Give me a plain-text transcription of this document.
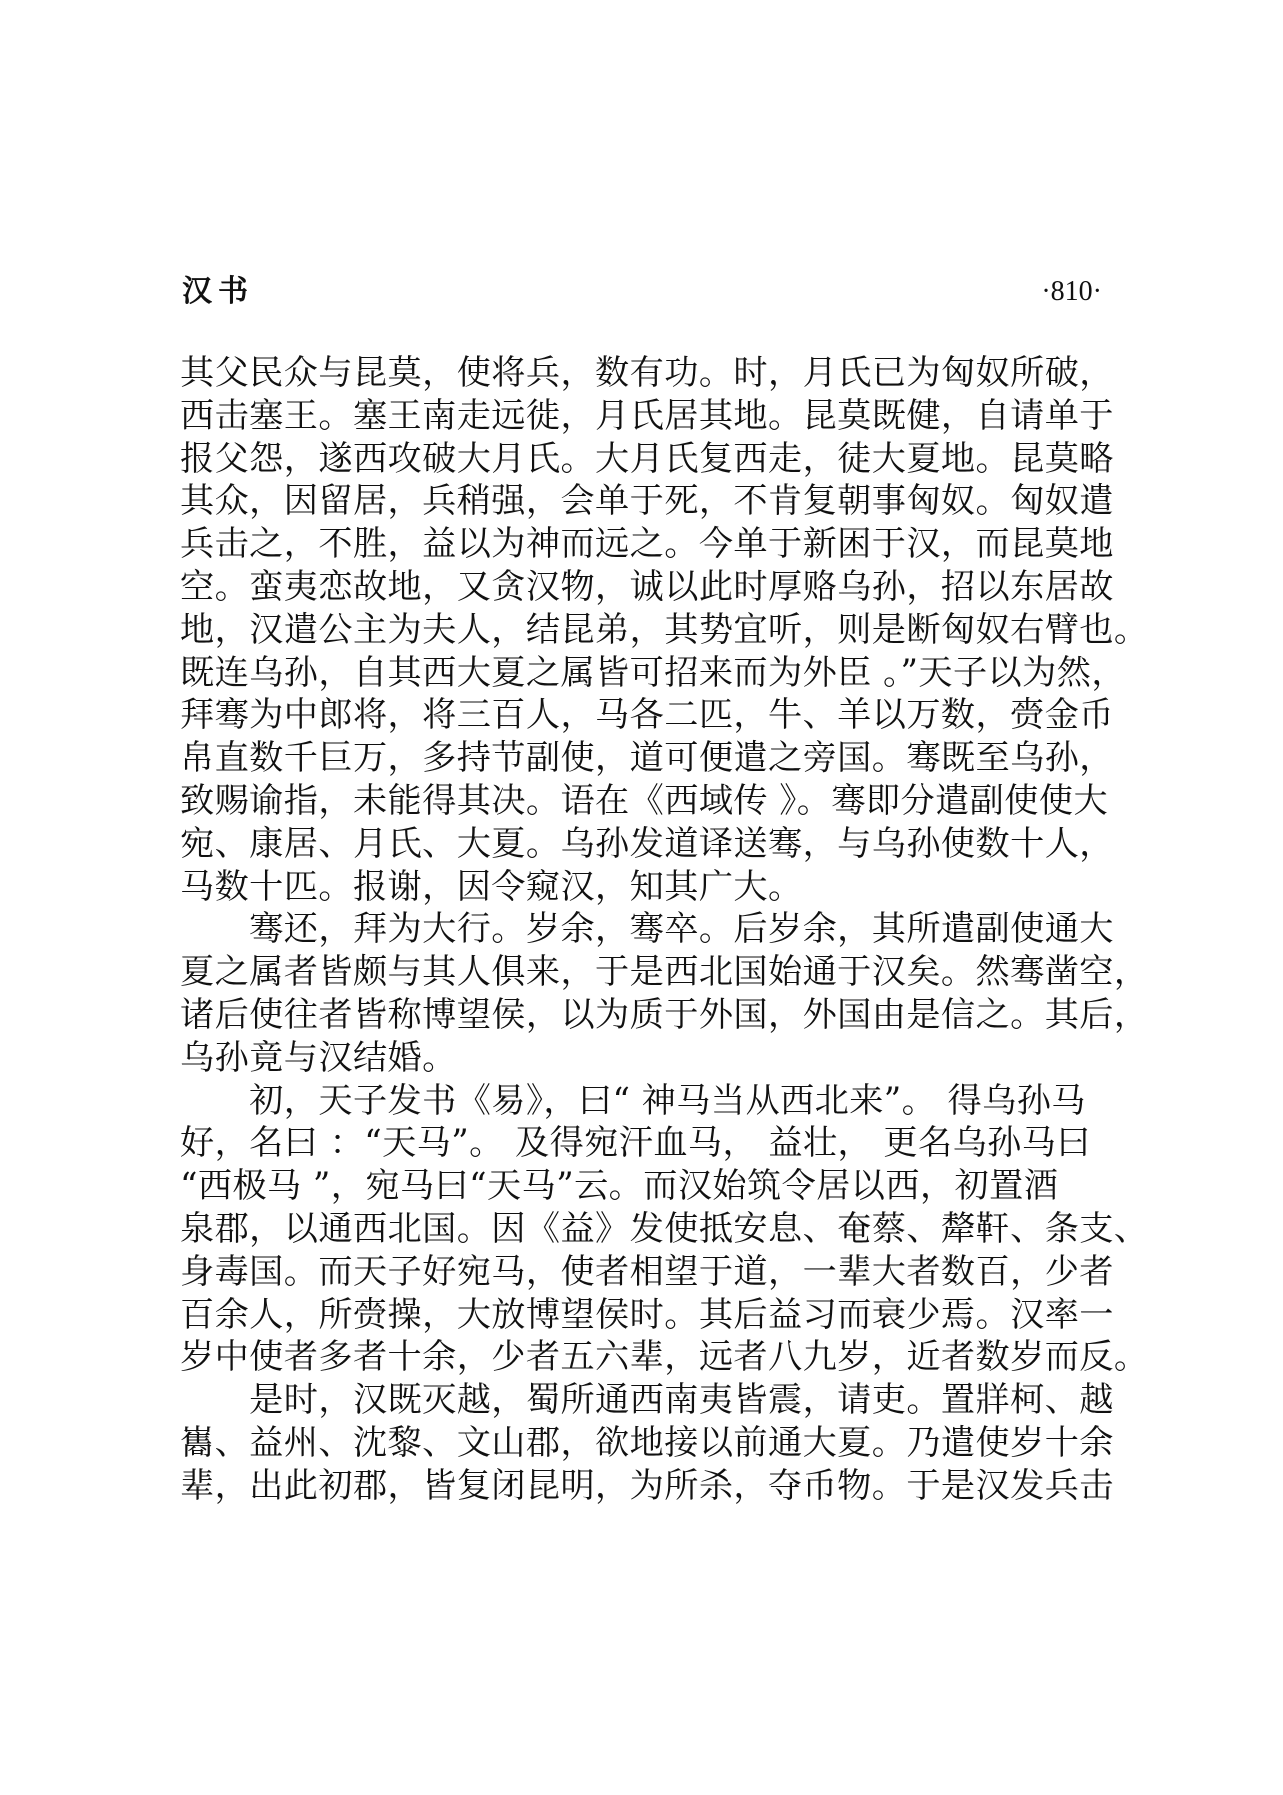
汉书	·810·
其父民众与昆莫，使将兵，数有功。时，月氏已为匈奴所破，
西击塞王。塞王南走远徙，月氏居其地。昆莫既健，自请单于
报父怨，遂西攻破大月氏。大月氏复西走，徒大夏地。昆莫略
其众，因留居，兵稍强，会单于死，不肯复朝事匈奴。匈奴遣
兵击之，不胜，益以为神而远之。今单于新困于汉，而昆莫地
空。蛮夷恋故地，又贪汉物，诚以此时厚赂乌孙，招以东居故
地，汉遣公主为夫人，结昆弟，其势宜听，则是断匈奴右臂也。
既连乌孙，自其西大夏之属皆可招来而为外臣 。”天子以为然，
拜骞为中郎将，将三百人，马各二匹，牛、羊以万数，赍金币
帛直数千巨万，多持节副使，道可便遣之旁国。骞既至乌孙，
致赐谕指，未能得其决。语在《西域传 》。骞即分遣副使使大
宛、康居、月氏、大夏。乌孙发道译送骞，与乌孙使数十人，
马数十匹。报谢，因令窥汉，知其广大。
　　骞还，拜为大行。岁余，骞卒。后岁余，其所遣副使通大
夏之属者皆颇与其人俱来，于是西北国始通于汉矣。然骞凿空，
诸后使往者皆称博望侯，以为质于外国，外国由是信之。其后，
乌孙竟与汉结婚。
　　初，天子发书《易》，曰“ 神马当从西北来”。 得乌孙马
好，名曰 ：“天马”。 及得宛汗血马， 益壮， 更名乌孙马曰
“西极马 ”，宛马曰“天马”云。而汉始筑令居以西，初置酒
泉郡，以通西北国。因《益》发使抵安息、奄蔡、犛靬、条支、
身毒国。而天子好宛马，使者相望于道，一辈大者数百，少者
百余人，所赍操，大放博望侯时。其后益习而衰少焉。汉率一
岁中使者多者十余，少者五六辈，远者八九岁，近者数岁而反。
　　是时，汉既灭越，蜀所通西南夷皆震，请吏。置牂柯、越
巂、益州、沈黎、文山郡，欲地接以前通大夏。乃遣使岁十余
辈，出此初郡，皆复闭昆明，为所杀，夺币物。于是汉发兵击
